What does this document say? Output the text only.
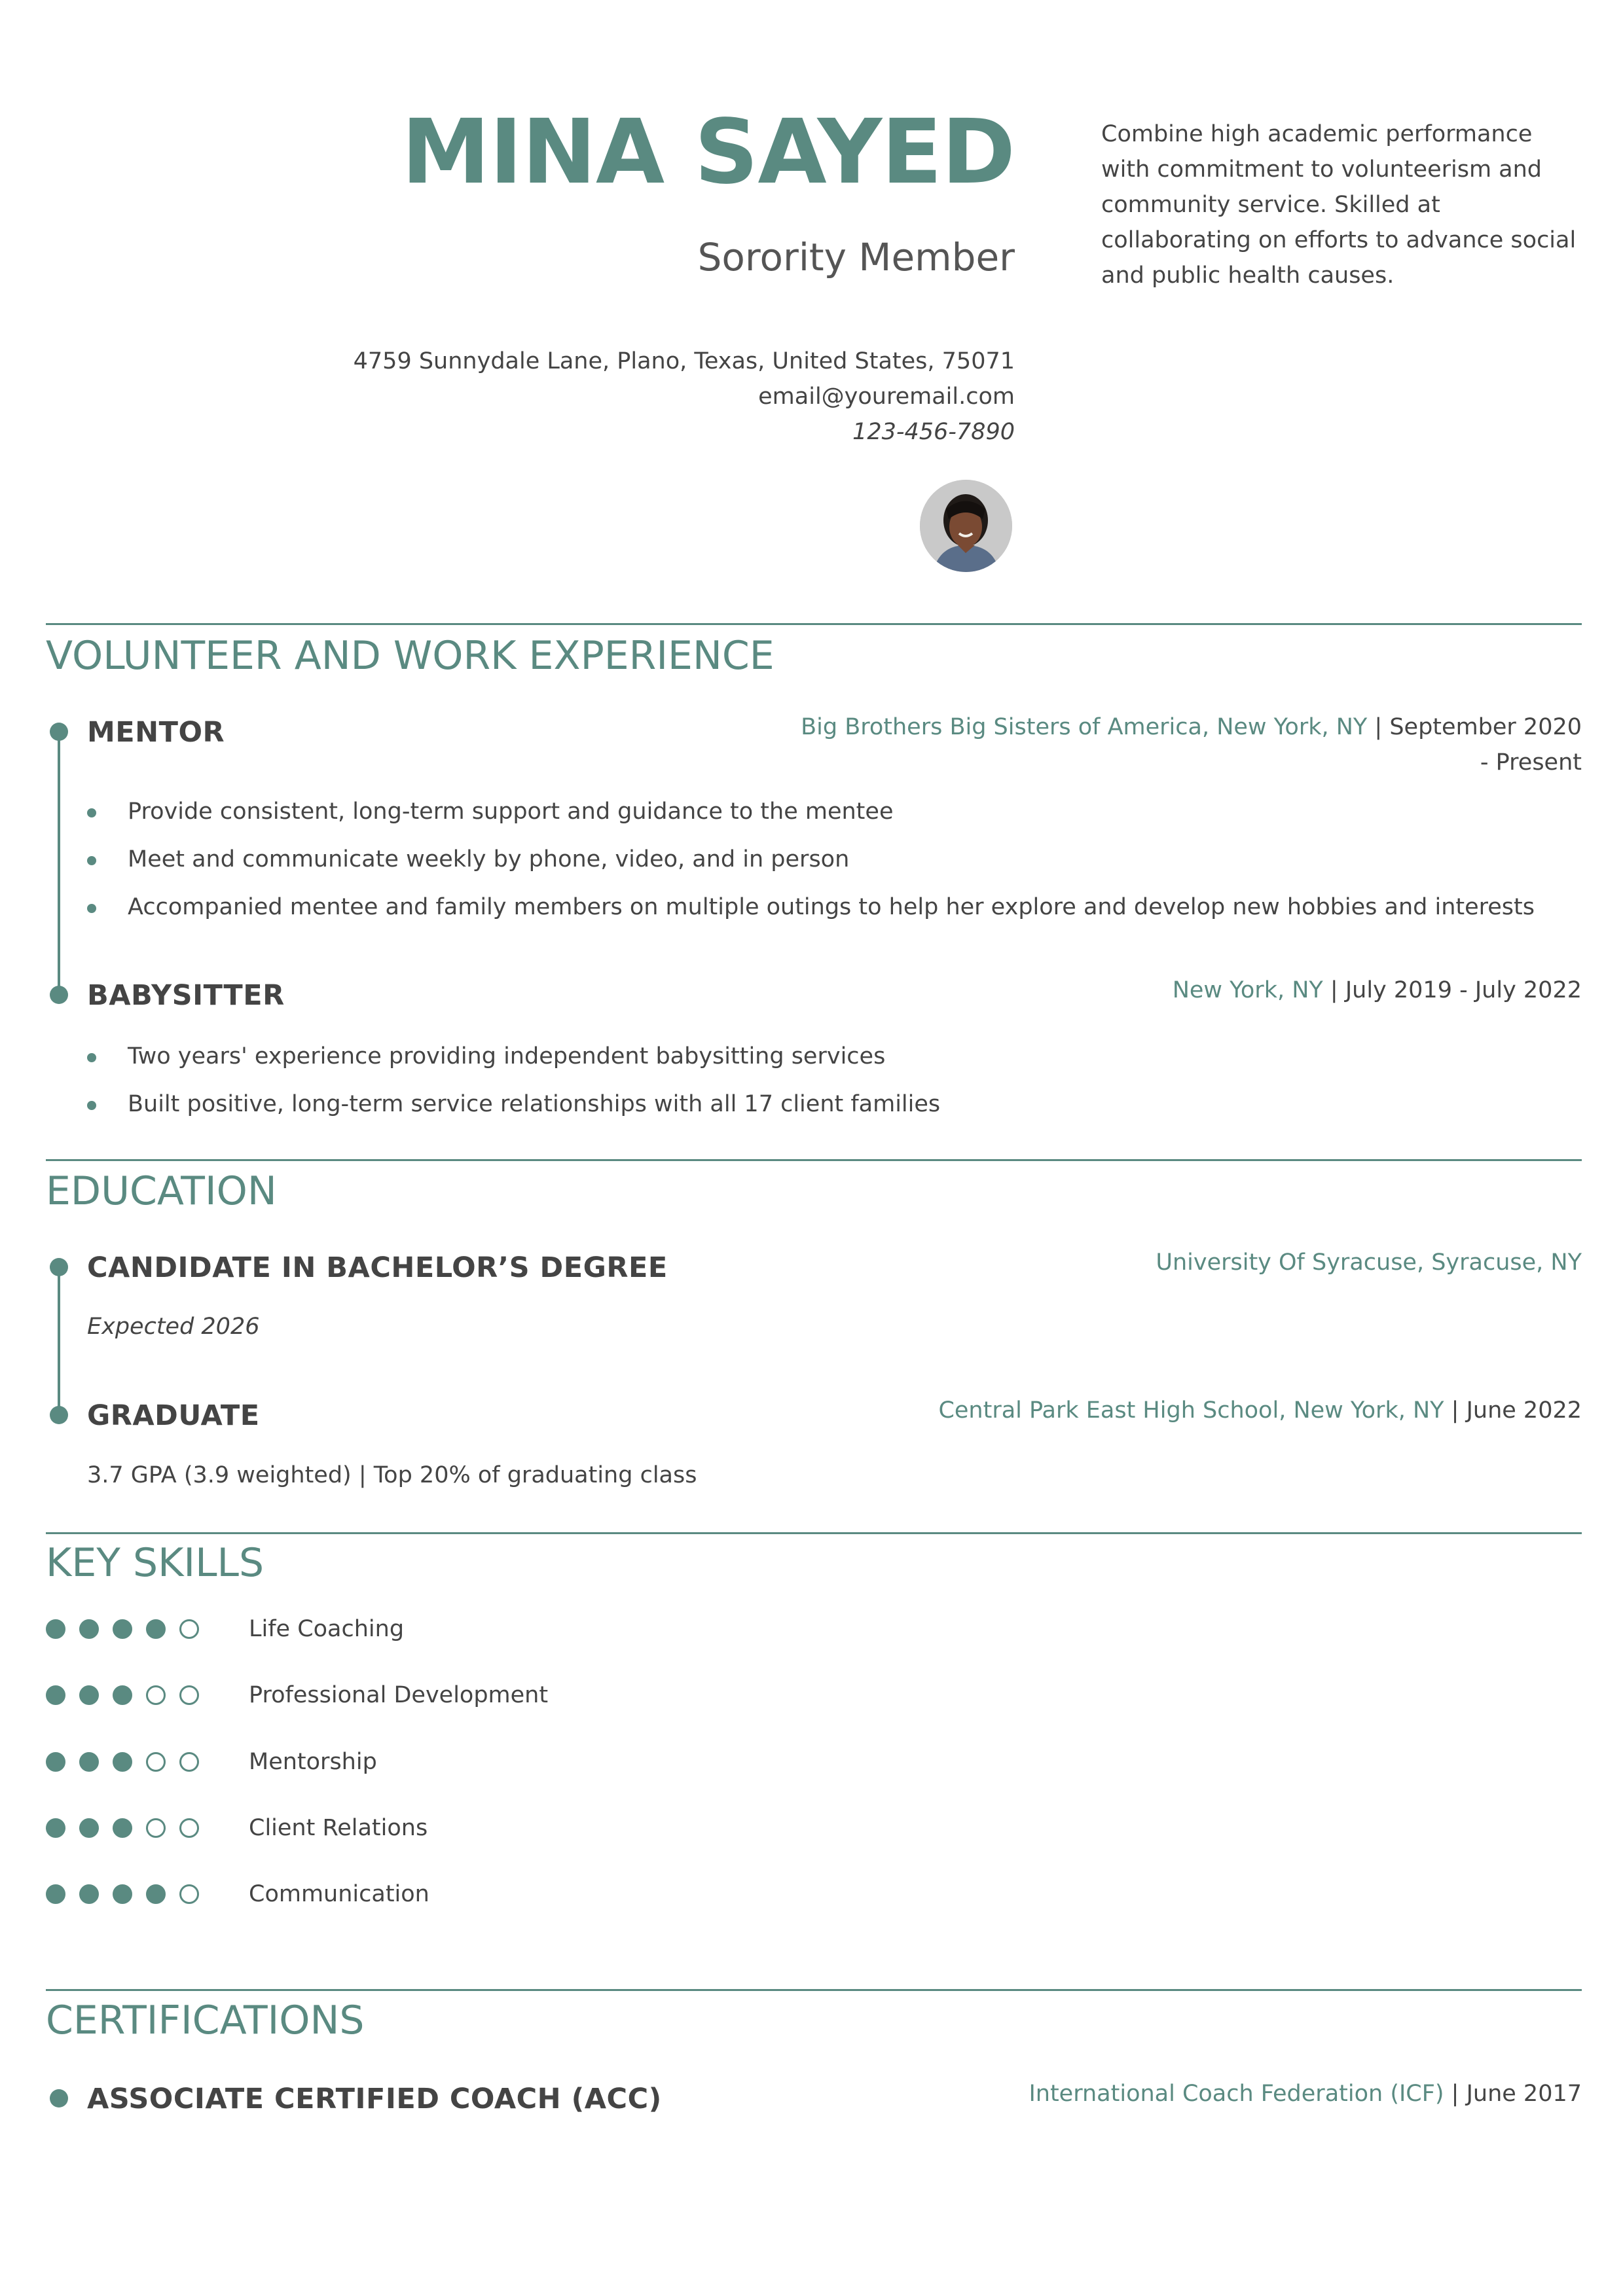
MINA SAYED
Sorority Member
4759 Sunnydale Lane, Plano, Texas, United States, 75071
email@youremail.com
123-456-7890
Combine high academic performance with commitment to volunteerism and community service. Skilled at collaborating on efforts to advance social and public health causes.
VOLUNTEER AND WORK EXPERIENCE
MENTOR	Big Brothers Big Sisters of America, New York, NY | September 2020 - Present
Provide consistent, long-term support and guidance to the mentee
Meet and communicate weekly by phone, video, and in person
Accompanied mentee and family members on multiple outings to help her explore and develop new hobbies and interests
BABYSITTER	New York, NY | July 2019 - July 2022
Two years' experience providing independent babysitting services
Built positive, long-term service relationships with all 17 client families
EDUCATION
CANDIDATE IN BACHELOR’S DEGREE	University Of Syracuse, Syracuse, NY
Expected 2026
GRADUATE	Central Park East High School, New York, NY | June 2022
3.7 GPA (3.9 weighted) | Top 20% of graduating class
KEY SKILLS
Life Coaching
Professional Development
Mentorship
Client Relations
Communication
CERTIFICATIONS
ASSOCIATE CERTIFIED COACH (ACC)	International Coach Federation (ICF) | June 2017
